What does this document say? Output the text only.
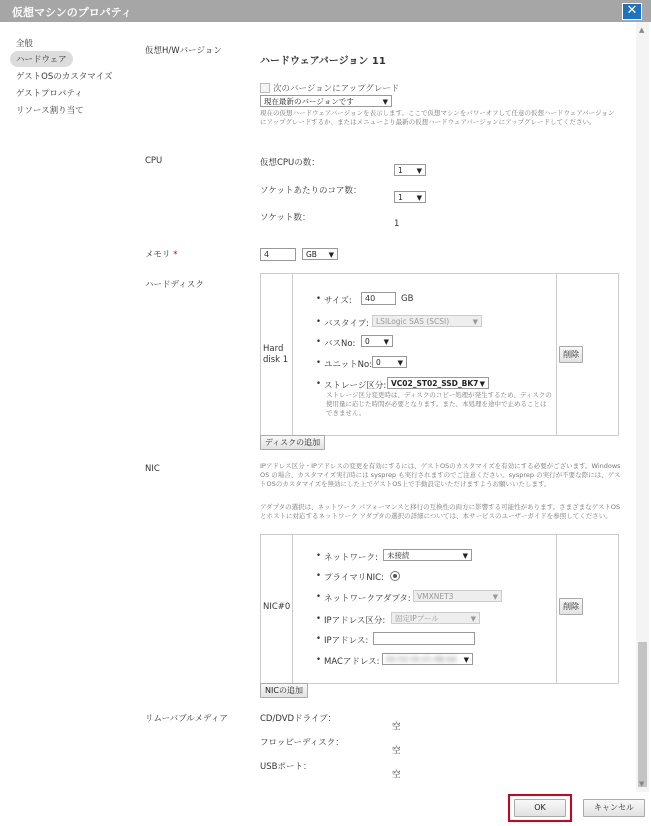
仮想マシンのプロパティ	✕
全般
ハードウェア
ゲストOSのカスタマイズ
ゲストプロパティ
リソース割り当て
仮想H/Wバージョン
ハードウェアバージョン 11
次のバージョンにアップグレード
現在最新のバージョンです	▼
現在の仮想ハードウェアバージョンを表示します。ここで仮想マシンをパワーオフして任意の仮想ハードウェアバージョンにアップグレードするか、またはメニューより最新の仮想ハードウェアバージョンにアップグレードしてください。
CPU	仮想CPUの数：
1 ▼
ソケットあたりのコア数：
1 ▼
ソケット数：
1
メモリ *	4	GB ▼
ハードディスク
Hard disk 1
• サイズ:	40	GB
• バスタイプ: LSILogic SAS (SCSI)	▼
• バスNo:	0 ▼
• ユニットNo: 0 ▼
• ストレージ区分: VC02_ST02_SSD_BK7 ▼
ストレージ区分変更時は、ディスクのコピー処理が発生するため、ディスクの使用量に応じた時間が必要となります。また、本処理を途中で止めることはできません。
削除
ディスクの追加
NIC	IPアドレス区分・IPアドレスの変更を有効にするには、ゲストOSのカスタマイズを有効にする必要がございます。Windows OS の場合、カスタマイズ実行時には sysprep も実行されますのでご注意ください。sysprep の実行が不要な際には、ゲストOSのカスタマイズを無効にした上でゲストOS上で手動設定いただけますようお願いいたします。
アダプタの選択は、ネットワーク パフォーマンスと移行の互換性の両方に影響する可能性があります。さまざまなゲストOSとホストに対応するネットワーク アダプタの選択の詳細については、本サービスのユーザーガイドを参照してください。
NIC#0
• ネットワーク:	未接続	▼
• プライマリNIC:
• ネットワークアダプタ: VMXNET3	▼
• IPアドレス区分:	固定IPプール	▼
• IPアドレス:
• MACアドレス: 00:50:56:01:8B:6A ▼
削除
NICの追加
リムーバブルメディア	CD/DVDドライブ：
空
フロッピーディスク：
空
USBポート：
空
▲
▼
OK	キャンセル
